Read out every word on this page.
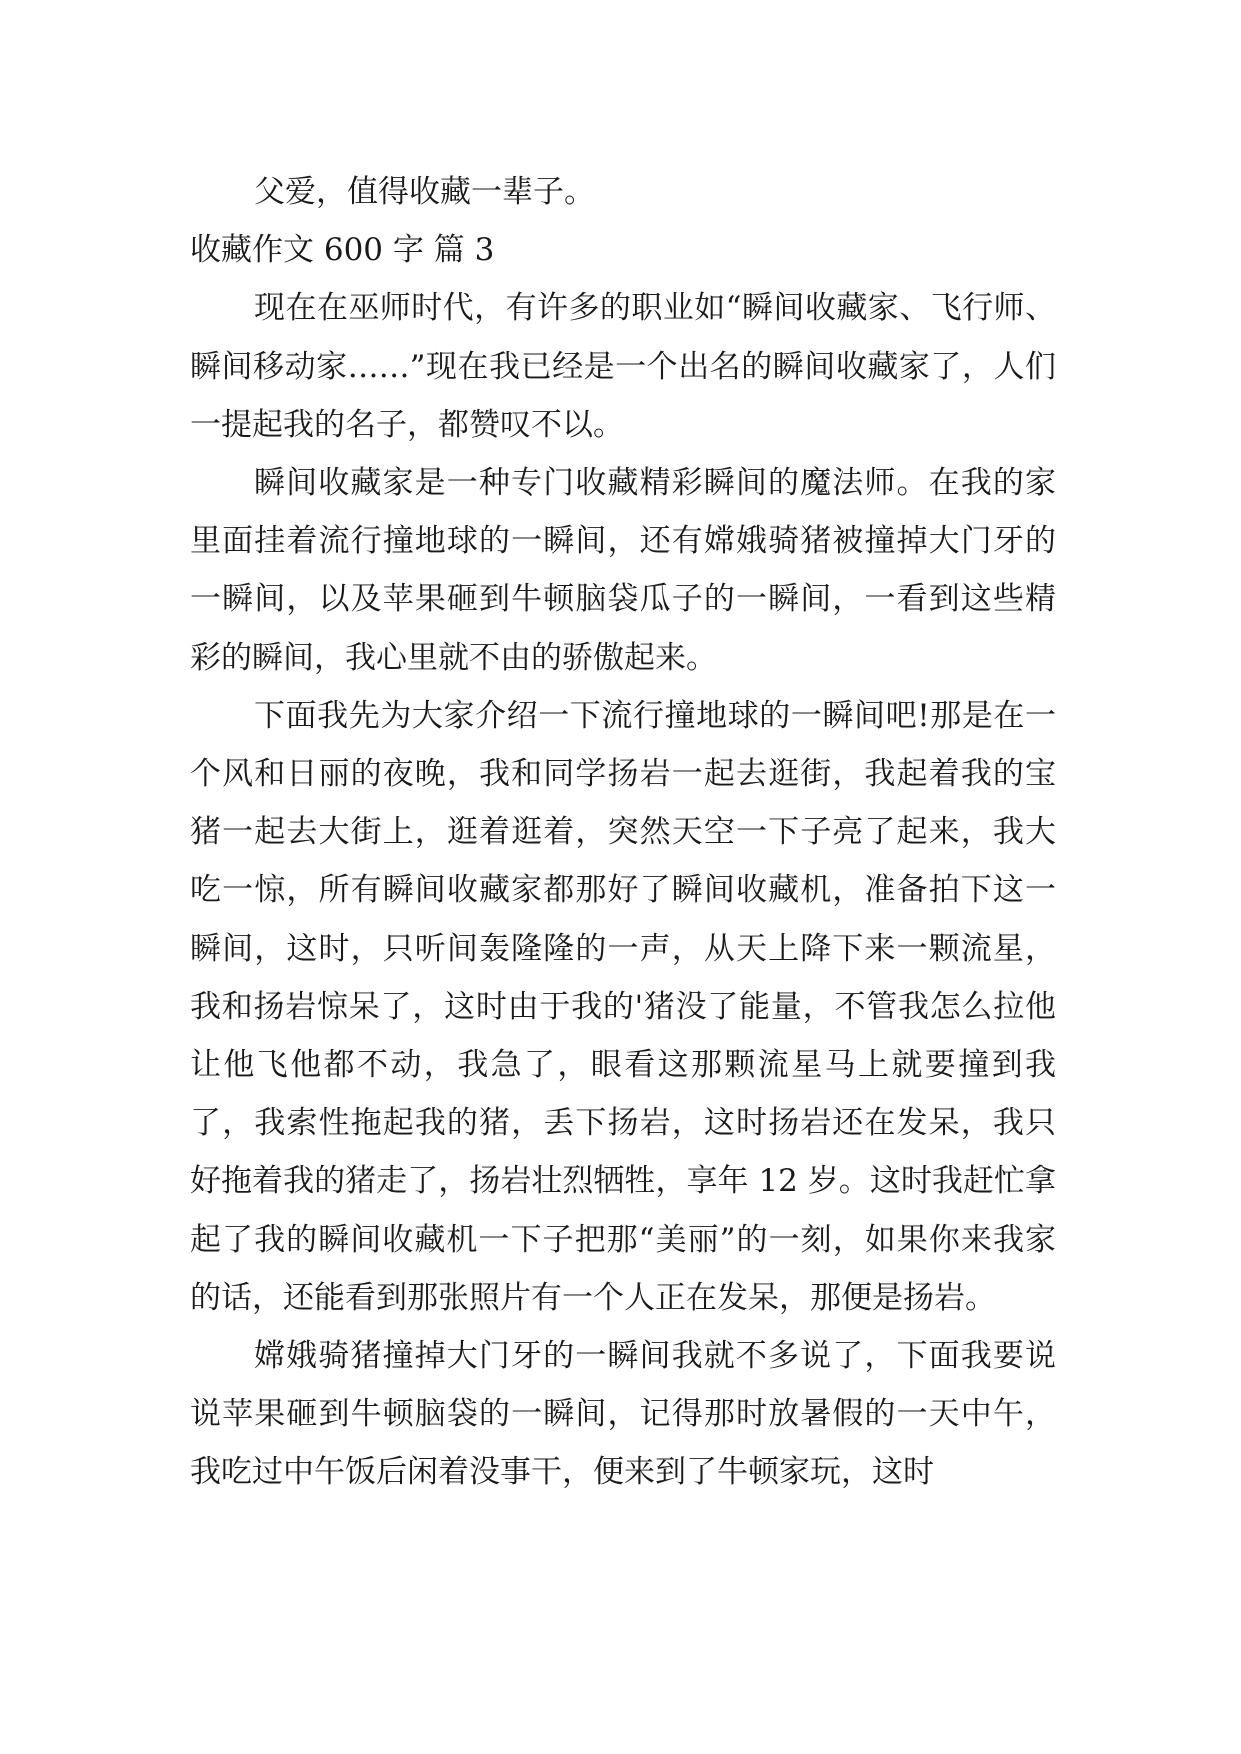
父爱，值得收藏一辈子。

收藏作文 600 字 篇 3

现在在巫师时代，有许多的职业如“瞬间收藏家、飞行师、瞬间移动家……”现在我已经是一个出名的瞬间收藏家了，人们一提起我的名子，都赞叹不以。

瞬间收藏家是一种专门收藏精彩瞬间的魔法师。在我的家里面挂着流行撞地球的一瞬间，还有嫦娥骑猪被撞掉大门牙的一瞬间，以及苹果砸到牛顿脑袋瓜子的一瞬间，一看到这些精彩的瞬间，我心里就不由的骄傲起来。

下面我先为大家介绍一下流行撞地球的一瞬间吧!那是在一个风和日丽的夜晚，我和同学扬岩一起去逛街，我起着我的宝猪一起去大街上，逛着逛着，突然天空一下子亮了起来，我大吃一惊，所有瞬间收藏家都那好了瞬间收藏机，准备拍下这一瞬间，这时，只听间轰隆隆的一声，从天上降下来一颗流星，我和扬岩惊呆了，这时由于我的'猪没了能量，不管我怎么拉他让他飞他都不动，我急了，眼看这那颗流星马上就要撞到我了，我索性拖起我的猪，丢下扬岩，这时扬岩还在发呆，我只好拖着我的猪走了，扬岩壮烈牺牲，享年 12 岁。这时我赶忙拿起了我的瞬间收藏机一下子把那“美丽”的一刻，如果你来我家的话，还能看到那张照片有一个人正在发呆，那便是扬岩。

嫦娥骑猪撞掉大门牙的一瞬间我就不多说了，下面我要说说苹果砸到牛顿脑袋的一瞬间，记得那时放暑假的一天中午，我吃过中午饭后闲着没事干，便来到了牛顿家玩，这时
